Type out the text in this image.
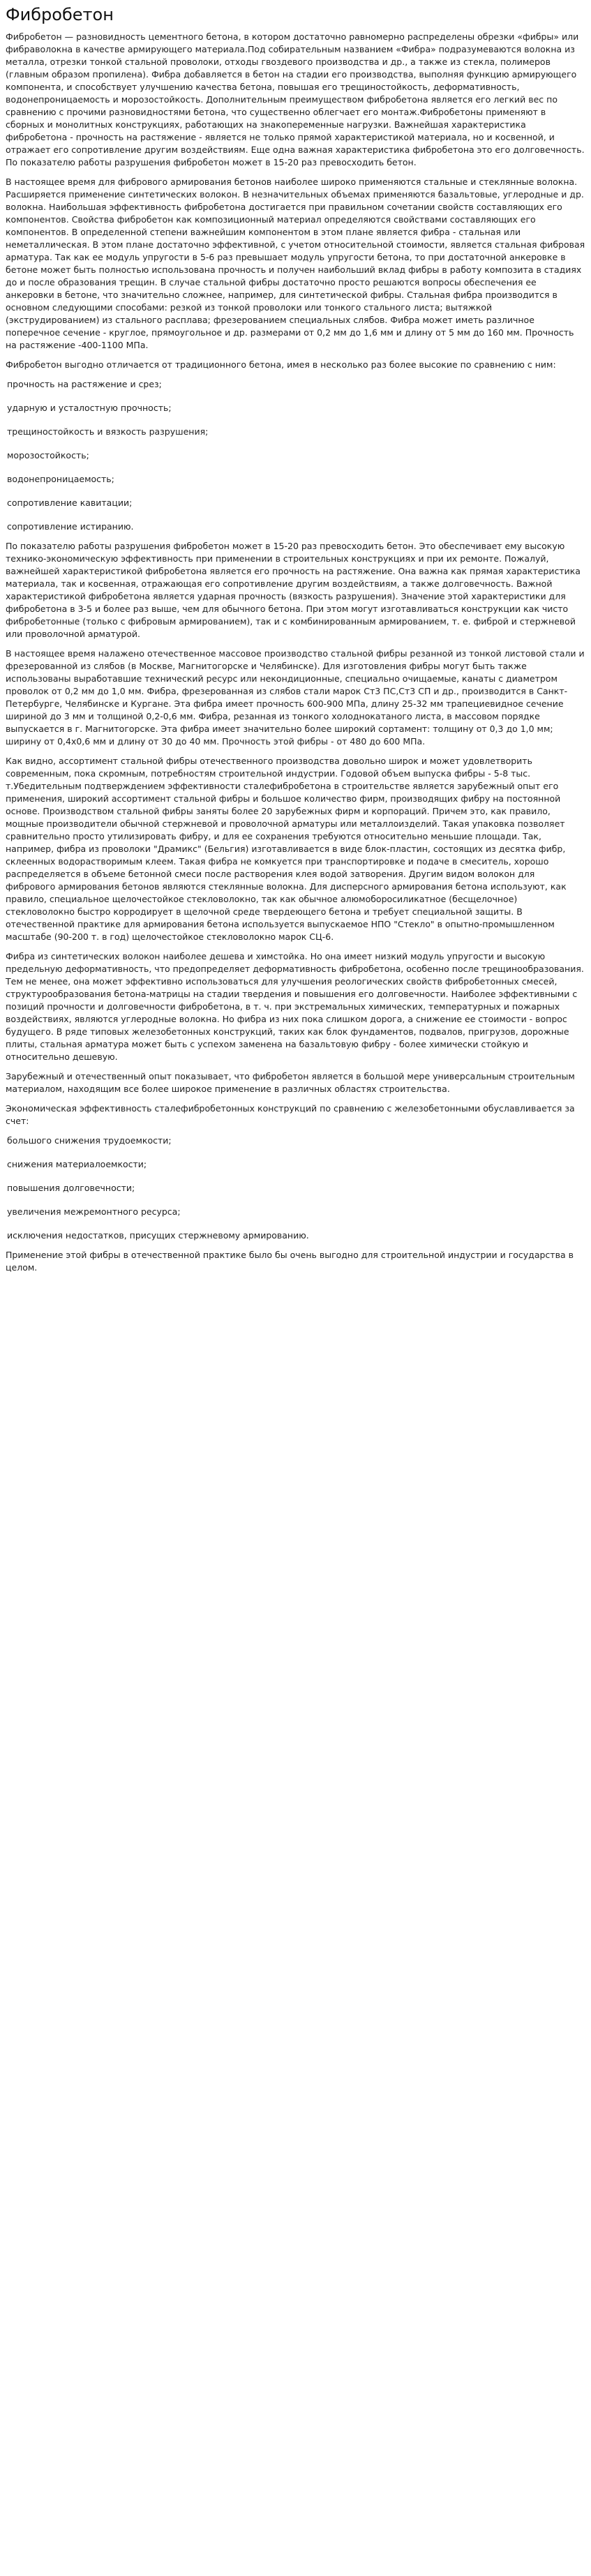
Фибробетон

Фибробетон — разновидность цементного бетона, в котором достаточно равномерно распределены обрезки «фибры» или фибраволокна в качестве армирующего материала.Под собирательным названием «Фибра» подразумеваются волокна из металла, отрезки тонкой стальной проволоки, отходы гвоздевого производства и др., а также из стекла, полимеров (главным образом пропилена). Фибра добавляется в бетон на стадии его производства, выполняя функцию армирующего компонента, и способствует улучшению качества бетона, повышая его трещиностойкость, деформативность, водонепроницаемость и морозостойкость. Дополнительным преимуществом фибробетона является его легкий вес по сравнению с прочими разновидностями бетона, что существенно облегчает его монтаж.Фибробетоны применяют в сборных и монолитных конструкциях, работающих на знакопеременные нагрузки. Важнейшая характеристика фибробетона - прочность на растяжение - является не только прямой характеристикой материала, но и косвенной, и отражает его сопротивление другим воздействиям. Еще одна важная характеристика фибробетона это его долговечность. По показателю работы разрушения фибробетон может в 15-20 раз превосходить бетон.

В настоящее время для фибрового армирования бетонов наиболее широко применяются стальные и стеклянные волокна. Расширяется применение синтетических волокон. В незначительных объемах применяются базальтовые, углеродные и др. волокна. Наибольшая эффективность фибробетона достигается при правильном сочетании свойств составляющих его компонентов. Свойства фибробетон как композиционный материал определяются свойствами составляющих его компонентов. В определенной степени важнейшим компонентом в этом плане является фибра - стальная или неметаллическая. В этом плане достаточно эффективной, с учетом относительной стоимости, является стальная фибровая арматура. Так как ее модуль упругости в 5-6 раз превышает модуль упругости бетона, то при достаточной анкеровке в бетоне может быть полностью использована прочность и получен наибольший вклад фибры в работу композита в стадиях до и после образования трещин. В случае стальной фибры достаточно просто решаются вопросы обеспечения ее анкеровки в бетоне, что значительно сложнее, например, для синтетической фибры. Стальная фибра производится в основном следующими способами: резкой из тонкой проволоки или тонкого стального листа; вытяжкой (экструдированием) из стального расплава; фрезерованием специальных слябов. Фибра может иметь различное поперечное сечение - круглое, прямоугольное и др. размерами от 0,2 мм до 1,6 мм и длину от 5 мм до 160 мм. Прочность на растяжение -400-1100 МПа.

Фибробетон выгодно отличается от традиционного бетона, имея в несколько раз более высокие по сравнению с ним:

прочность на растяжение и срез;
ударную и усталостную прочность;
трещиностойкость и вязкость разрушения;
морозостойкость;
водонепроницаемость;
сопротивление кавитации;
сопротивление истиранию.

По показателю работы разрушения фибробетон может в 15-20 раз превосходить бетон. Это обеспечивает ему высокую технико-экономическую эффективность при применении в строительных конструкциях и при их ремонте. Пожалуй, важнейшей характеристикой фибробетона является его прочность на растяжение. Она важна как прямая характеристика материала, так и косвенная, отражающая его сопротивление другим воздействиям, а также долговечность. Важной характеристикой фибробетона является ударная прочность (вязкость разрушения). Значение этой характеристики для фибробетона в 3-5 и более раз выше, чем для обычного бетона. При этом могут изготавливаться конструкции как чисто фибробетонные (только с фибровым армированием), так и с комбинированным армированием, т. е. фиброй и стержневой или проволочной арматурой.

В настоящее время налажено отечественное массовое производство стальной фибры резанной из тонкой листовой стали и фрезерованной из слябов (в Москве, Магнитогорске и Челябинске). Для изготовления фибры могут быть также использованы выработавшие технический ресурс или некондиционные, специально очищаемые, канаты с диаметром проволок от 0,2 мм до 1,0 мм. Фибра, фрезерованная из слябов стали марок Ст3 ПС,Ст3 СП и др., производится в Санкт-Петербурге, Челябинске и Кургане. Эта фибра имеет прочность 600-900 МПа, длину 25-32 мм трапециевидное сечение шириной до 3 мм и толщиной 0,2-0,6 мм. Фибра, резанная из тонкого холоднокатаного листа, в массовом порядке выпускается в г. Магнитогорске. Эта фибра имеет значительно более широкий сортамент: толщину от 0,3 до 1,0 мм; ширину от 0,4х0,6 мм и длину от 30 до 40 мм. Прочность этой фибры - от 480 до 600 МПа.

Как видно, ассортимент стальной фибры отечественного производства довольно широк и может удовлетворить современным, пока скромным, потребностям строительной индустрии. Годовой объем выпуска фибры - 5-8 тыс. т.Убедительным подтверждением эффективности сталефибробетона в строительстве является зарубежный опыт его применения, широкий ассортимент стальной фибры и большое количество фирм, производящих фибру на постоянной основе. Производством стальной фибры заняты более 20 зарубежных фирм и корпораций. Причем это, как правило, мощные производители обычной стержневой и проволочной арматуры или металлоизделий. Такая упаковка позволяет сравнительно просто утилизировать фибру, и для ее сохранения требуются относительно меньшие площади. Так, например, фибра из проволоки "Драмикс" (Бельгия) изготавливается в виде блок-пластин, состоящих из десятка фибр, склеенных водорастворимым клеем. Такая фибра не комкуется при транспортировке и подаче в смеситель, хорошо распределяется в объеме бетонной смеси после растворения клея водой затворения. Другим видом волокон для фибрового армирования бетонов являются стеклянные волокна. Для дисперсного армирования бетона используют, как правило, специальное щелочестойкое стекловолокно, так как обычное алюмоборосиликатное (бесщелочное) стекловолокно быстро корродирует в щелочной среде твердеющего бетона и требует специальной защиты. В отечественной практике для армирования бетона используется выпускаемое НПО "Стекло" в опытно-промышленном масштабе (90-200 т. в год) щелочестойкое стекловолокно марок СЦ-6.

Фибра из синтетических волокон наиболее дешева и химстойка. Но она имеет низкий модуль упругости и высокую предельную деформативность, что предопределяет деформативность фибробетона, особенно после трещинообразования. Тем не менее, она может эффективно использоваться для улучшения реологических свойств фибробетонных смесей, структурообразования бетона-матрицы на стадии твердения и повышения его долговечности. Наиболее эффективными с позиций прочности и долговечности фибробетона, в т. ч. при экстремальных химических, температурных и пожарных воздействиях, являются углеродные волокна. Но фибра из них пока слишком дорога, а снижение ее стоимости - вопрос будущего. В ряде типовых железобетонных конструкций, таких как блок фундаментов, подвалов, пригрузов, дорожные плиты, стальная арматура может быть с успехом заменена на базальтовую фибру - более химически стойкую и относительно дешевую.

Зарубежный и отечественный опыт показывает, что фибробетон является в большой мере универсальным строительным материалом, находящим все более широкое применение в различных областях строительства.

Экономическая эффективность сталефибробетонных конструкций по сравнению с железобетонными обуславливается за счет:

большого снижения трудоемкости;
снижения материалоемкости;
повышения долговечности;
увеличения межремонтного ресурса;
исключения недостатков, присущих стержневому армированию.

Применение этой фибры в отечественной практике было бы очень выгодно для строительной индустрии и государства в целом.
